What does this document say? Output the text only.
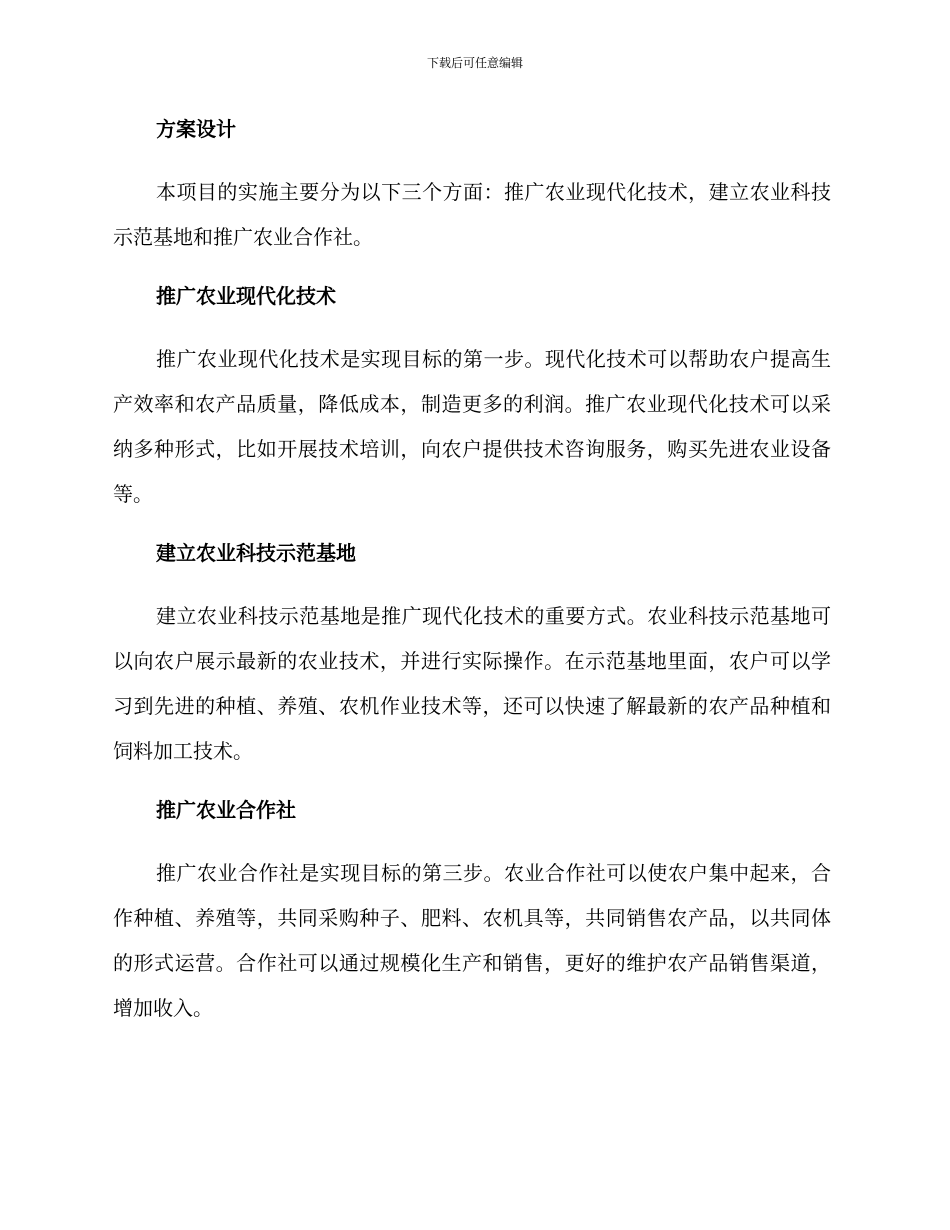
下载后可任意编辑
方案设计

本项目的实施主要分为以下三个方面：推广农业现代化技术，建立农业科技示范基地和推广农业合作社。

推广农业现代化技术

推广农业现代化技术是实现目标的第一步。现代化技术可以帮助农户提高生产效率和农产品质量，降低成本，制造更多的利润。推广农业现代化技术可以采纳多种形式，比如开展技术培训，向农户提供技术咨询服务，购买先进农业设备等。

建立农业科技示范基地

建立农业科技示范基地是推广现代化技术的重要方式。农业科技示范基地可以向农户展示最新的农业技术，并进行实际操作。在示范基地里面，农户可以学习到先进的种植、养殖、农机作业技术等，还可以快速了解最新的农产品种植和饲料加工技术。

推广农业合作社

推广农业合作社是实现目标的第三步。农业合作社可以使农户集中起来，合作种植、养殖等，共同采购种子、肥料、农机具等，共同销售农产品，以共同体的形式运营。合作社可以通过规模化生产和销售，更好的维护农产品销售渠道，增加收入。
